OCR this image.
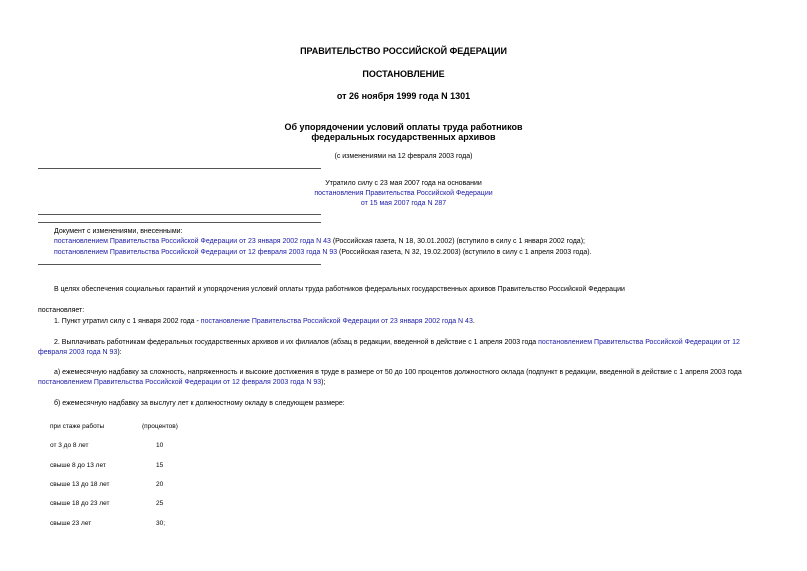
ПРАВИТЕЛЬСТВО РОССИЙСКОЙ ФЕДЕРАЦИИ
ПОСТАНОВЛЕНИЕ
от 26 ноября 1999 года N 1301
Об упорядочении условий оплаты труда работников
федеральных государственных архивов
(с изменениями на 12 февраля 2003 года)
Утратило силу с 23 мая 2007 года на основании
постановления Правительства Российской Федерации
от 15 мая 2007 года N 287
Документ с изменениями, внесенными:
постановлением Правительства Российской Федерации от 23 января 2002 года N 43 (Российская газета, N 18, 30.01.2002) (вступило в силу с 1 января 2002 года);
постановлением Правительства Российской Федерации от 12 февраля 2003 года N 93 (Российская газета, N 32, 19.02.2003) (вступило в силу с 1 апреля 2003 года).
В целях обеспечения социальных гарантий и упорядочения условий оплаты труда работников федеральных государственных архивов Правительство Российской Федерации
постановляет:
1. Пункт утратил силу с 1 января 2002 года - постановление Правительства Российской Федерации от 23 января 2002 года N 43.
2. Выплачивать работникам федеральных государственных архивов и их филиалов (абзац в редакции, введенной в действие с 1 апреля 2003 года постановлением Правительства Российской Федерации от 12
февраля 2003 года N 93):
а) ежемесячную надбавку за сложность, напряженность и высокие достижения в труде в размере от 50 до 100 процентов должностного оклада (подпункт в редакции, введенной в действие с 1 апреля 2003 года
постановлением Правительства Российской Федерации от 12 февраля 2003 года N 93);
б) ежемесячную надбавку за выслугу лет к должностному окладу в следующем размере:
при стаже работы	(процентов)
от 3 до 8 лет	10
свыше 8 до 13 лет	15
свыше 13 до 18 лет	20
свыше 18 до 23 лет	25
свыше 23 лет	30;
